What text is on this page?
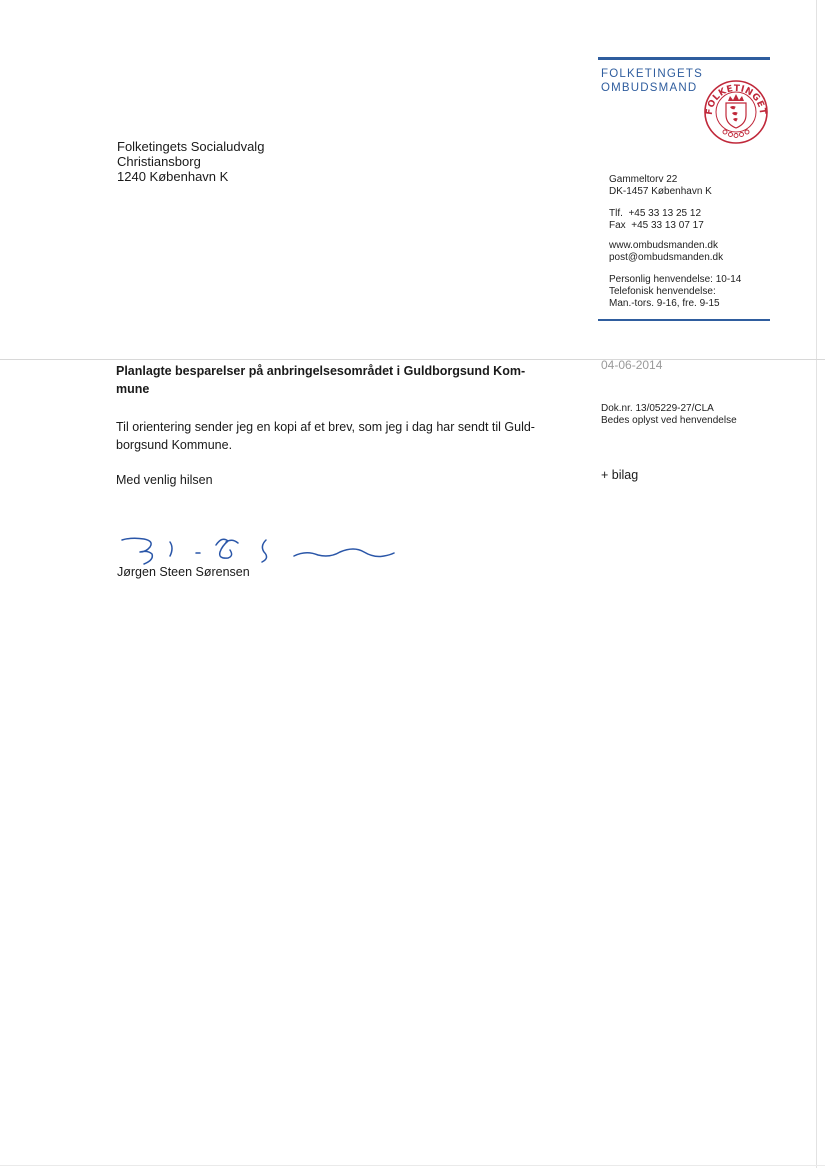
FOLKETINGETS
OMBUDSMAND
FOLKETINGET
Gammeltorv 22
DK-1457 København K
Tlf.  +45 33 13 25 12
Fax  +45 33 13 07 17
www.ombudsmanden.dk
post@ombudsmanden.dk
Personlig henvendelse: 10-14
Telefonisk henvendelse:
Man.-tors. 9-16, fre. 9-15
Folketingets Socialudvalg
Christiansborg
1240 København K
04-06-2014
Planlagte besparelser på anbringelsesområdet i Guldborgsund Kom-
mune
Dok.nr. 13/05229-27/CLA
Bedes oplyst ved henvendelse
Til orientering sender jeg en kopi af et brev, som jeg i dag har sendt til Guld-
borgsund Kommune.
Med venlig hilsen	+ bilag
Jørgen Steen Sørensen
